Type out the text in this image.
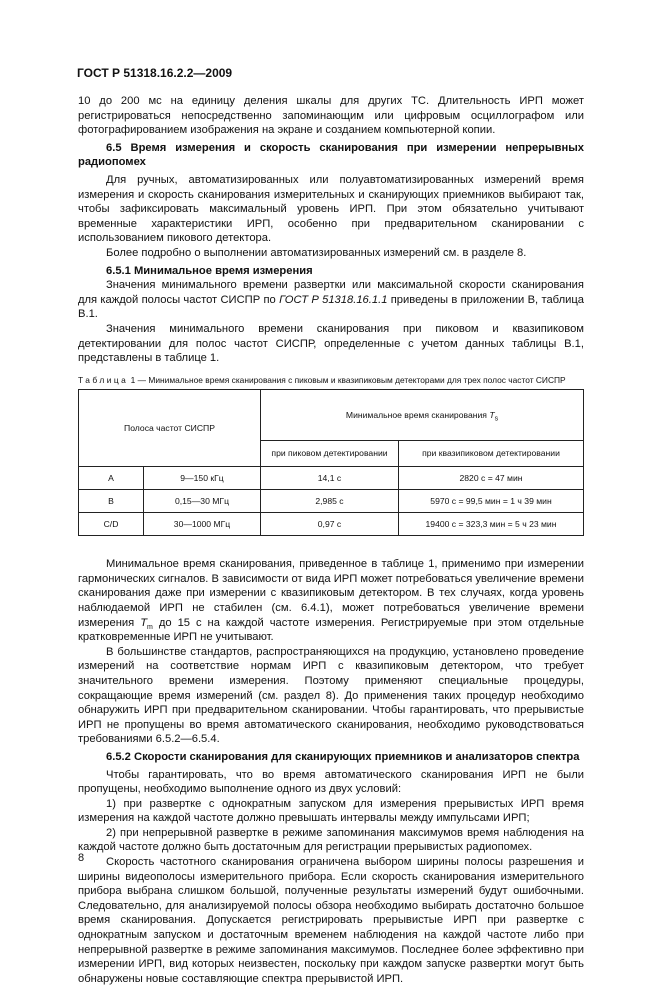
ГОСТ Р 51318.16.2.2—2009

10 до 200 мс на единицу деления шкалы для других ТС. Длительность ИРП может регистрироваться непосредственно запоминающим или цифровым осциллографом или фотографированием изображения на экране и созданием компьютерной копии.

6.5 Время измерения и скорость сканирования при измерении непрерывных радиопомех

Для ручных, автоматизированных или полуавтоматизированных измерений время измерения и скорость сканирования измерительных и сканирующих приемников выбирают так, чтобы зафиксировать максимальный уровень ИРП. При этом обязательно учитывают временные характеристики ИРП, особенно при предварительном сканировании с использованием пикового детектора.

Более подробно о выполнении автоматизированных измерений см. в разделе 8.

6.5.1 Минимальное время измерения

Значения минимального времени развертки или максимальной скорости сканирования для каждой полосы частот СИСПР по ГОСТ Р 51318.16.1.1 приведены в приложении В, таблица В.1.

Значения минимального времени сканирования при пиковом и квазипиковом детектировании для полос частот СИСПР, определенные с учетом данных таблицы В.1, представлены в таблице 1.

Таблица 1 — Минимальное время сканирования с пиковым и квазипиковым детекторами для трех полос частот СИСПР

Полоса частот СИСПР		Минимальное время сканирования $T_s$
		при пиковом детектировании	при квазипиковом детектировании
A	9—150 кГц	14,1 с	2820 с = 47 мин
B	0,15—30 МГц	2,985 с	5970 с = 99,5 мин = 1 ч 39 мин
C/D	30—1000 МГц	0,97 с	19400 с = 323,3 мин = 5 ч 23 мин

Минимальное время сканирования, приведенное в таблице 1, применимо при измерении гармонических сигналов. В зависимости от вида ИРП может потребоваться увеличение времени сканирования даже при измерении с квазипиковым детектором. В тех случаях, когда уровень наблюдаемой ИРП не стабилен (см. 6.4.1), может потребоваться увеличение времени измерения $T_m$ до 15 с на каждой частоте измерения. Регистрируемые при этом отдельные кратковременные ИРП не учитывают.

В большинстве стандартов, распространяющихся на продукцию, установлено проведение измерений на соответствие нормам ИРП с квазипиковым детектором, что требует значительного времени измерения. Поэтому применяют специальные процедуры, сокращающие время измерений (см. раздел 8). До применения таких процедур необходимо обнаружить ИРП при предварительном сканировании. Чтобы гарантировать, что прерывистые ИРП не пропущены во время автоматического сканирования, необходимо руководствоваться требованиями 6.5.2—6.5.4.

6.5.2 Скорости сканирования для сканирующих приемников и анализаторов спектра

Чтобы гарантировать, что во время автоматического сканирования ИРП не были пропущены, необходимо выполнение одного из двух условий:

1) при развертке с однократным запуском для измерения прерывистых ИРП время измерения на каждой частоте должно превышать интервалы между импульсами ИРП;

2) при непрерывной развертке в режиме запоминания максимумов время наблюдения на каждой частоте должно быть достаточным для регистрации прерывистых радиопомех.

Скорость частотного сканирования ограничена выбором ширины полосы разрешения и ширины видеополосы измерительного прибора. Если скорость сканирования измерительного прибора выбрана слишком большой, полученные результаты измерений будут ошибочными. Следовательно, для анализируемой полосы обзора необходимо выбирать достаточно большое время сканирования. Допускается регистрировать прерывистые ИРП при развертке с однократным запуском и достаточным временем наблюдения на каждой частоте либо при непрерывной развертке в режиме запоминания максимумов. Последнее более эффективно при измерении ИРП, вид которых неизвестен, поскольку при каждом запуске развертки могут быть обнаружены новые составляющие спектра прерывистой ИРП.

8
